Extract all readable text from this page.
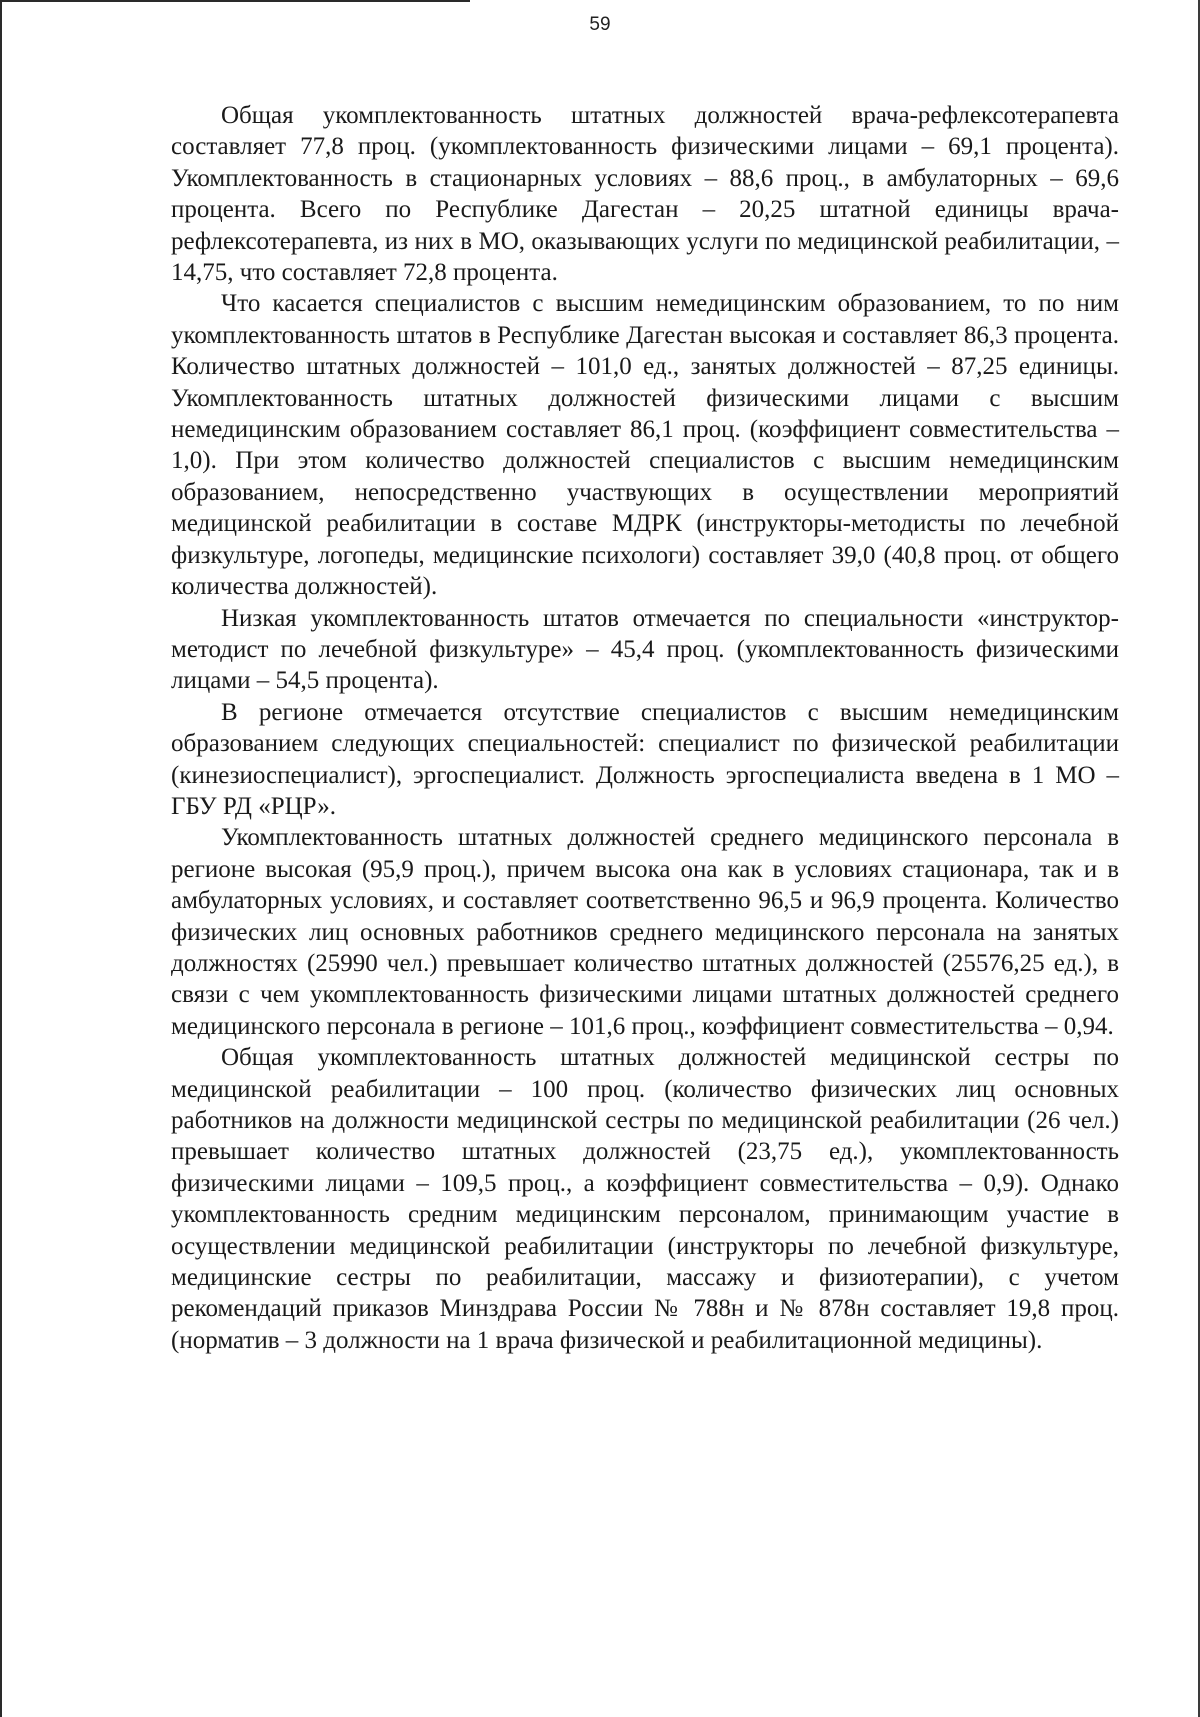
59

Общая укомплектованность штатных должностей врача-рефлексотерапевта составляет 77,8 проц. (укомплектованность физическими лицами – 69,1 процента). Укомплектованность в стационарных условиях – 88,6 проц., в амбулаторных – 69,6 процента. Всего по Республике Дагестан – 20,25 штатной единицы врача-рефлексотерапевта, из них в МО, оказывающих услуги по медицинской реабилитации, – 14,75, что составляет 72,8 процента.

Что касается специалистов с высшим немедицинским образованием, то по ним укомплектованность штатов в Республике Дагестан высокая и составляет 86,3 процента. Количество штатных должностей – 101,0 ед., занятых должностей – 87,25 единицы. Укомплектованность штатных должностей физическими лицами с высшим немедицинским образованием составляет 86,1 проц. (коэффициент совместительства – 1,0). При этом количество должностей специалистов с высшим немедицинским образованием, непосредственно участвующих в осуществлении мероприятий медицинской реабилитации в составе МДРК (инструкторы-методисты по лечебной физкультуре, логопеды, медицинские психологи) составляет 39,0 (40,8 проц. от общего количества должностей).

Низкая укомплектованность штатов отмечается по специальности «инструктор-методист по лечебной физкультуре» – 45,4 проц. (укомплектованность физическими лицами – 54,5 процента).

В регионе отмечается отсутствие специалистов с высшим немедицинским образованием следующих специальностей: специалист по физической реабилитации (кинезиоспециалист), эргоспециалист. Должность эргоспециалиста введена в 1 МО – ГБУ РД «РЦР».

Укомплектованность штатных должностей среднего медицинского персонала в регионе высокая (95,9 проц.), причем высока она как в условиях стационара, так и в амбулаторных условиях, и составляет соответственно 96,5 и 96,9 процента. Количество физических лиц основных работников среднего медицинского персонала на занятых должностях (25990 чел.) превышает количество штатных должностей (25576,25 ед.), в связи с чем укомплектованность физическими лицами штатных должностей среднего медицинского персонала в регионе – 101,6 проц., коэффициент совместительства – 0,94.

Общая укомплектованность штатных должностей медицинской сестры по медицинской реабилитации – 100 проц. (количество физических лиц основных работников на должности медицинской сестры по медицинской реабилитации (26 чел.) превышает количество штатных должностей (23,75 ед.), укомплектованность физическими лицами – 109,5 проц., а коэффициент совместительства – 0,9). Однако укомплектованность средним медицинским персоналом, принимающим участие в осуществлении медицинской реабилитации (инструкторы по лечебной физкультуре, медицинские сестры по реабилитации, массажу и физиотерапии), с учетом рекомендаций приказов Минздрава России № 788н и № 878н составляет 19,8 проц. (норматив – 3 должности на 1 врача физической и реабилитационной медицины).
